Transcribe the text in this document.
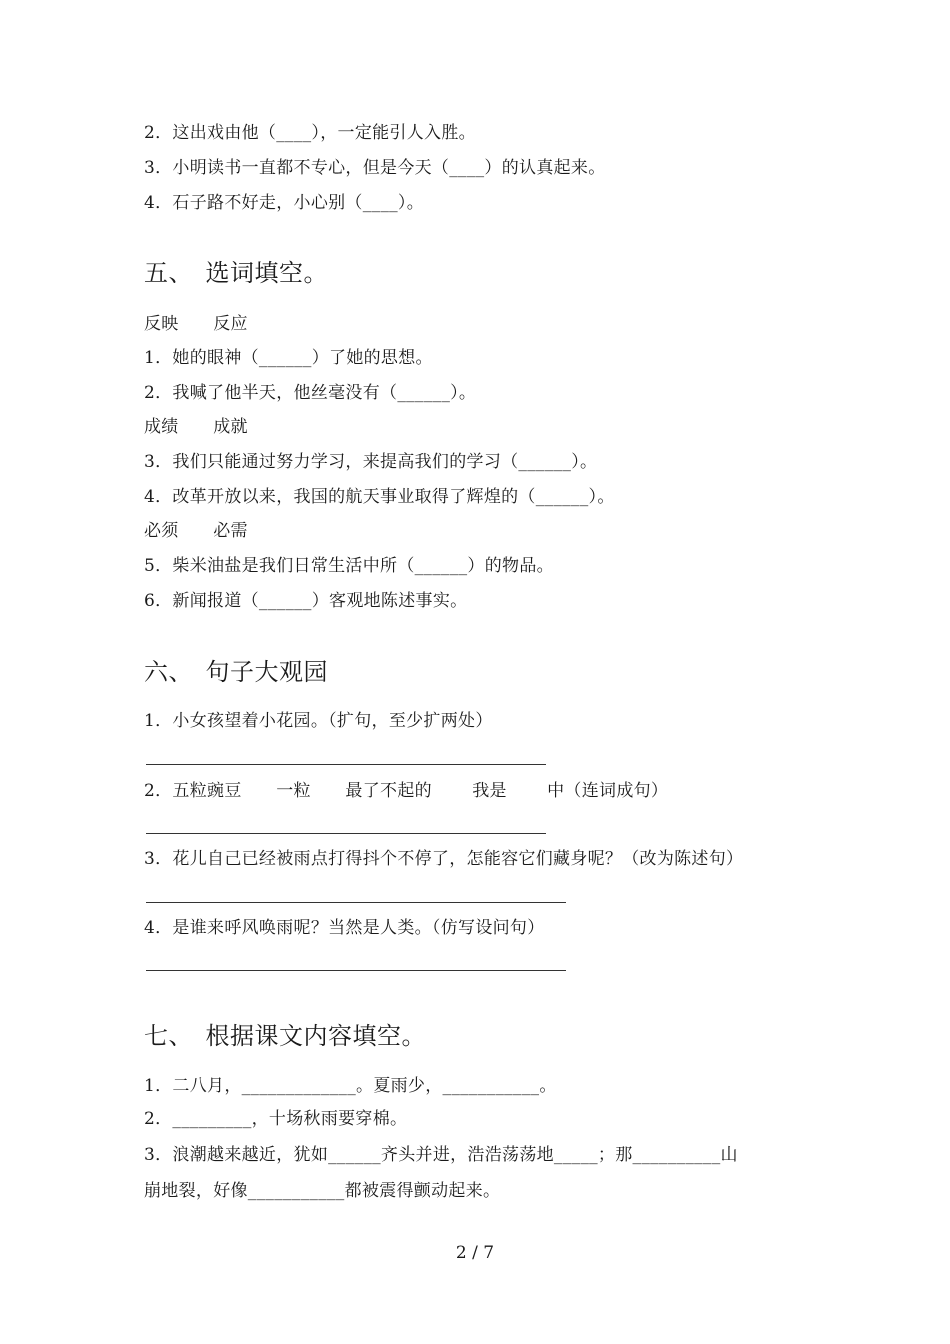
2．这出戏由他（____），一定能引人入胜。
3．小明读书一直都不专心，但是今天（____）的认真起来。
4．石子路不好走，小心别（____）。
五、　选词填空。
反映　　反应
1．她的眼神（______）了她的思想。
2．我喊了他半天，他丝毫没有（______）。
成绩　　成就
3．我们只能通过努力学习，来提高我们的学习（______）。
4．改革开放以来，我国的航天事业取得了辉煌的（______）。
必须　　必需
5．柴米油盐是我们日常生活中所（______）的物品。
6．新闻报道（______）客观地陈述事实。
六、　句子大观园
1．小女孩望着小花园。（扩句，至少扩两处）
2．五粒豌豆　　一粒　　最了不起的　　 我是　　 中（连词成句）
3．花儿自己已经被雨点打得抖个不停了，怎能容它们藏身呢？（改为陈述句）
4．是谁来呼风唤雨呢？当然是人类。（仿写设问句）
七、　根据课文内容填空。
1．二八月，_____________。夏雨少，___________。
2．_________，十场秋雨要穿棉。
3．浪潮越来越近，犹如______齐头并进，浩浩荡荡地_____；那__________山
崩地裂，好像___________都被震得颤动起来。
2 / 7
